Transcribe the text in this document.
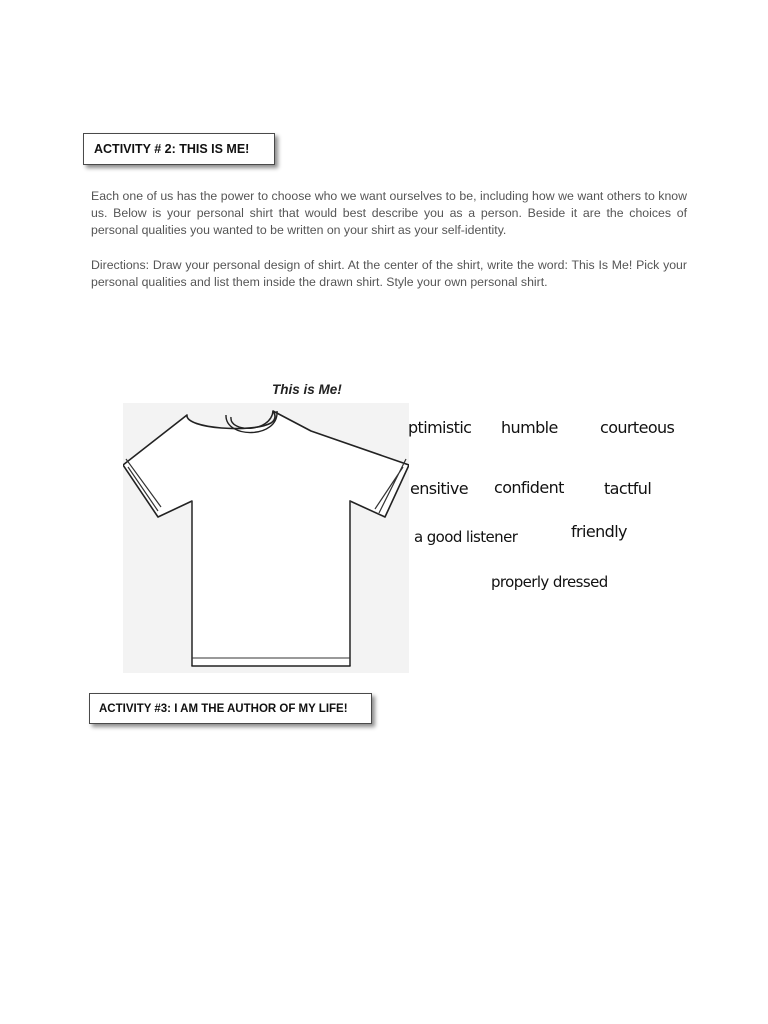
ACTIVITY # 2: THIS IS ME!

Each one of us has the power to choose who we want ourselves to be, including how we want others to know us. Below is your personal shirt that would best describe you as a person. Beside it are the choices of personal qualities you wanted to be written on your shirt as your self-identity.

Directions: Draw your personal design of shirt. At the center of the shirt, write the word: This Is Me! Pick your personal qualities and list them inside the drawn shirt. Style your own personal shirt.

This is Me!
ptimistic humble	courteous
ensitive confident	tactful
a good listener	friendly
properly dressed
ACTIVITY #3: I AM THE AUTHOR OF MY LIFE!
